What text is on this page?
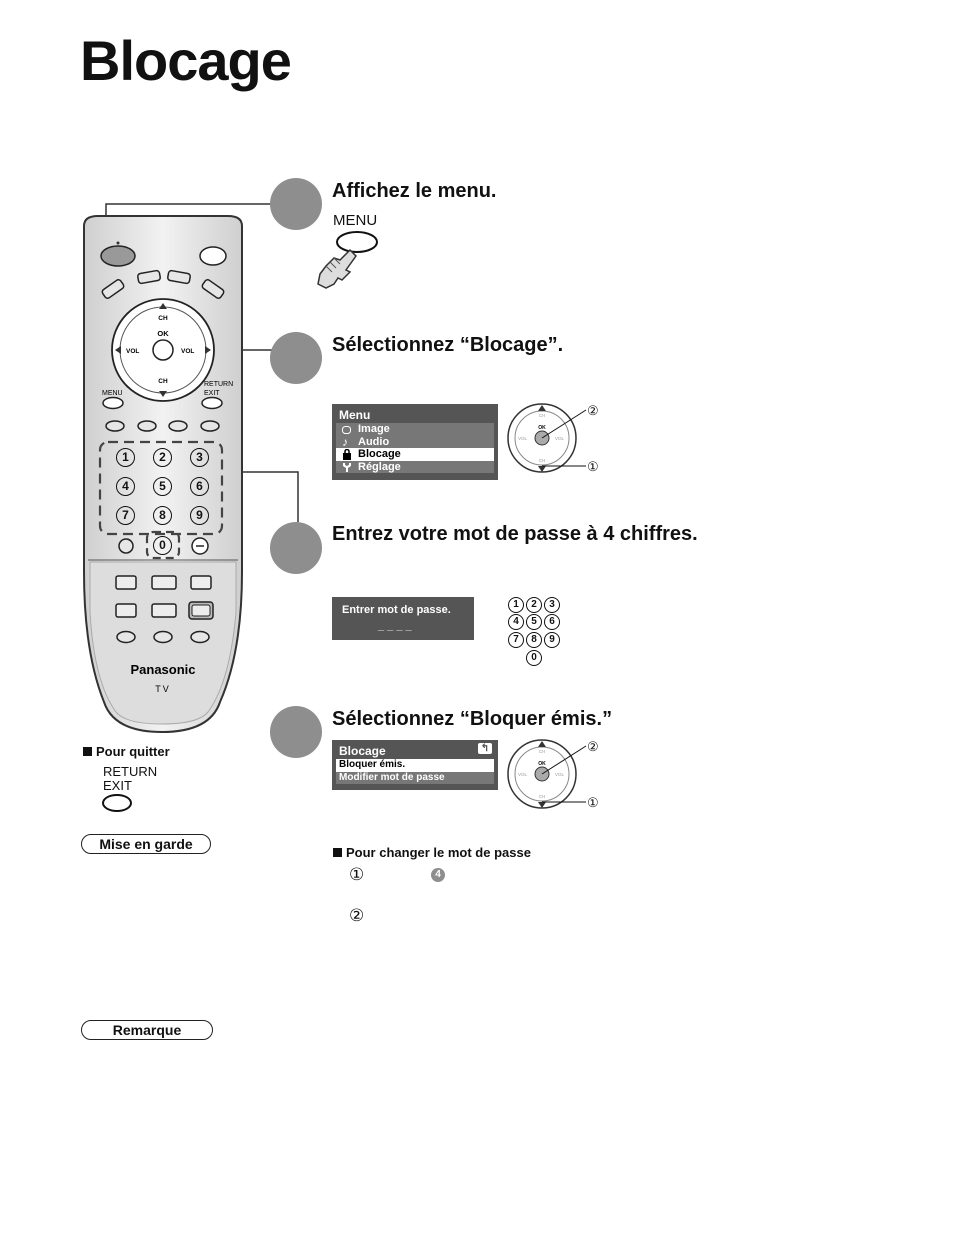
Blocage
OK
CH
CH
VOL	VOL
MENU
RETURN
EXIT
Panasonic
TV
1	2	3
4	5	6
7	8	9
0
Affichez le menu.
Sélectionnez “Blocage”.
Entrez votre mot de passe à 4 chiffres.
Sélectionnez “Bloquer émis.”
MENU
Menu
Image
♪ Audio
Blocage
Réglage
OK
CH
CH
VOL	VOL
②
①
Entrer mot de passe.
_ _ _ _
1	2	3
4	5	6
7	8	9
0
Blocage	↰
Bloquer émis.
Modifier mot de passe
OK
CH
CH
VOL	VOL
②
①
Pour quitter
RETURN
EXIT
Mise en garde
Remarque
Pour changer le mot de passe
①	4
②
